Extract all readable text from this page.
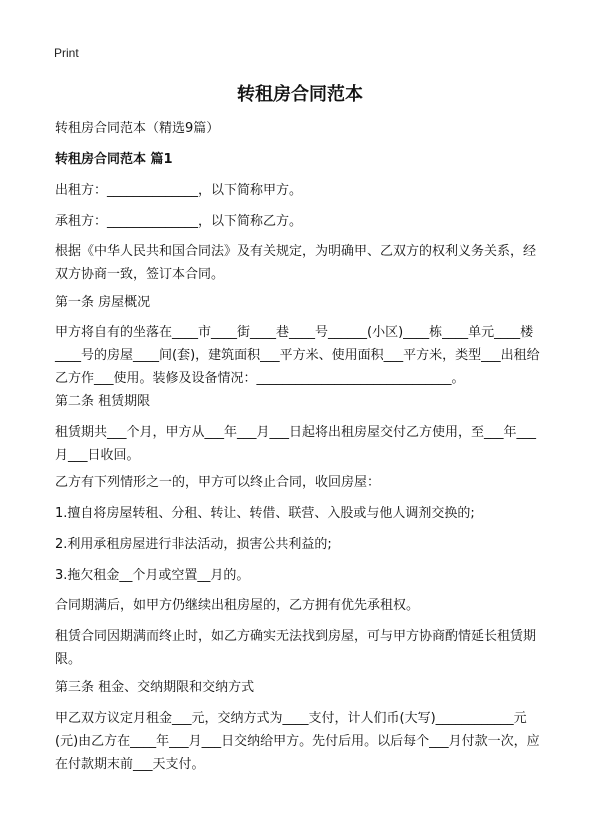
Print
转租房合同范本

转租房合同范本（精选9篇）

转租房合同范本 篇1

出租方：______________，以下简称甲方。

承租方：______________，以下简称乙方。

根据《中华人民共和国合同法》及有关规定，为明确甲、乙双方的权利义务关系，经双方协商一致，签订本合同。

第一条 房屋概况

甲方将自有的坐落在____市____街____巷____号______(小区)____栋____单元____楼____号的房屋____间(套)，建筑面积___平方米、使用面积___平方米，类型___出租给乙方作___使用。装修及设备情况：______________________________。

第二条 租赁期限

租赁期共___个月，甲方从___年___月___日起将出租房屋交付乙方使用，至___年___月___日收回。

乙方有下列情形之一的，甲方可以终止合同，收回房屋：

1.擅自将房屋转租、分租、转让、转借、联营、入股或与他人调剂交换的;

2.利用承租房屋进行非法活动，损害公共利益的;

3.拖欠租金__个月或空置__月的。

合同期满后，如甲方仍继续出租房屋的，乙方拥有优先承租权。

租赁合同因期满而终止时，如乙方确实无法找到房屋，可与甲方协商酌情延长租赁期限。

第三条 租金、交纳期限和交纳方式

甲乙双方议定月租金___元，交纳方式为____支付，计人们币(大写)____________元(元)由乙方在____年___月___日交纳给甲方。先付后用。以后每个___月付款一次，应在付款期末前___天支付。
